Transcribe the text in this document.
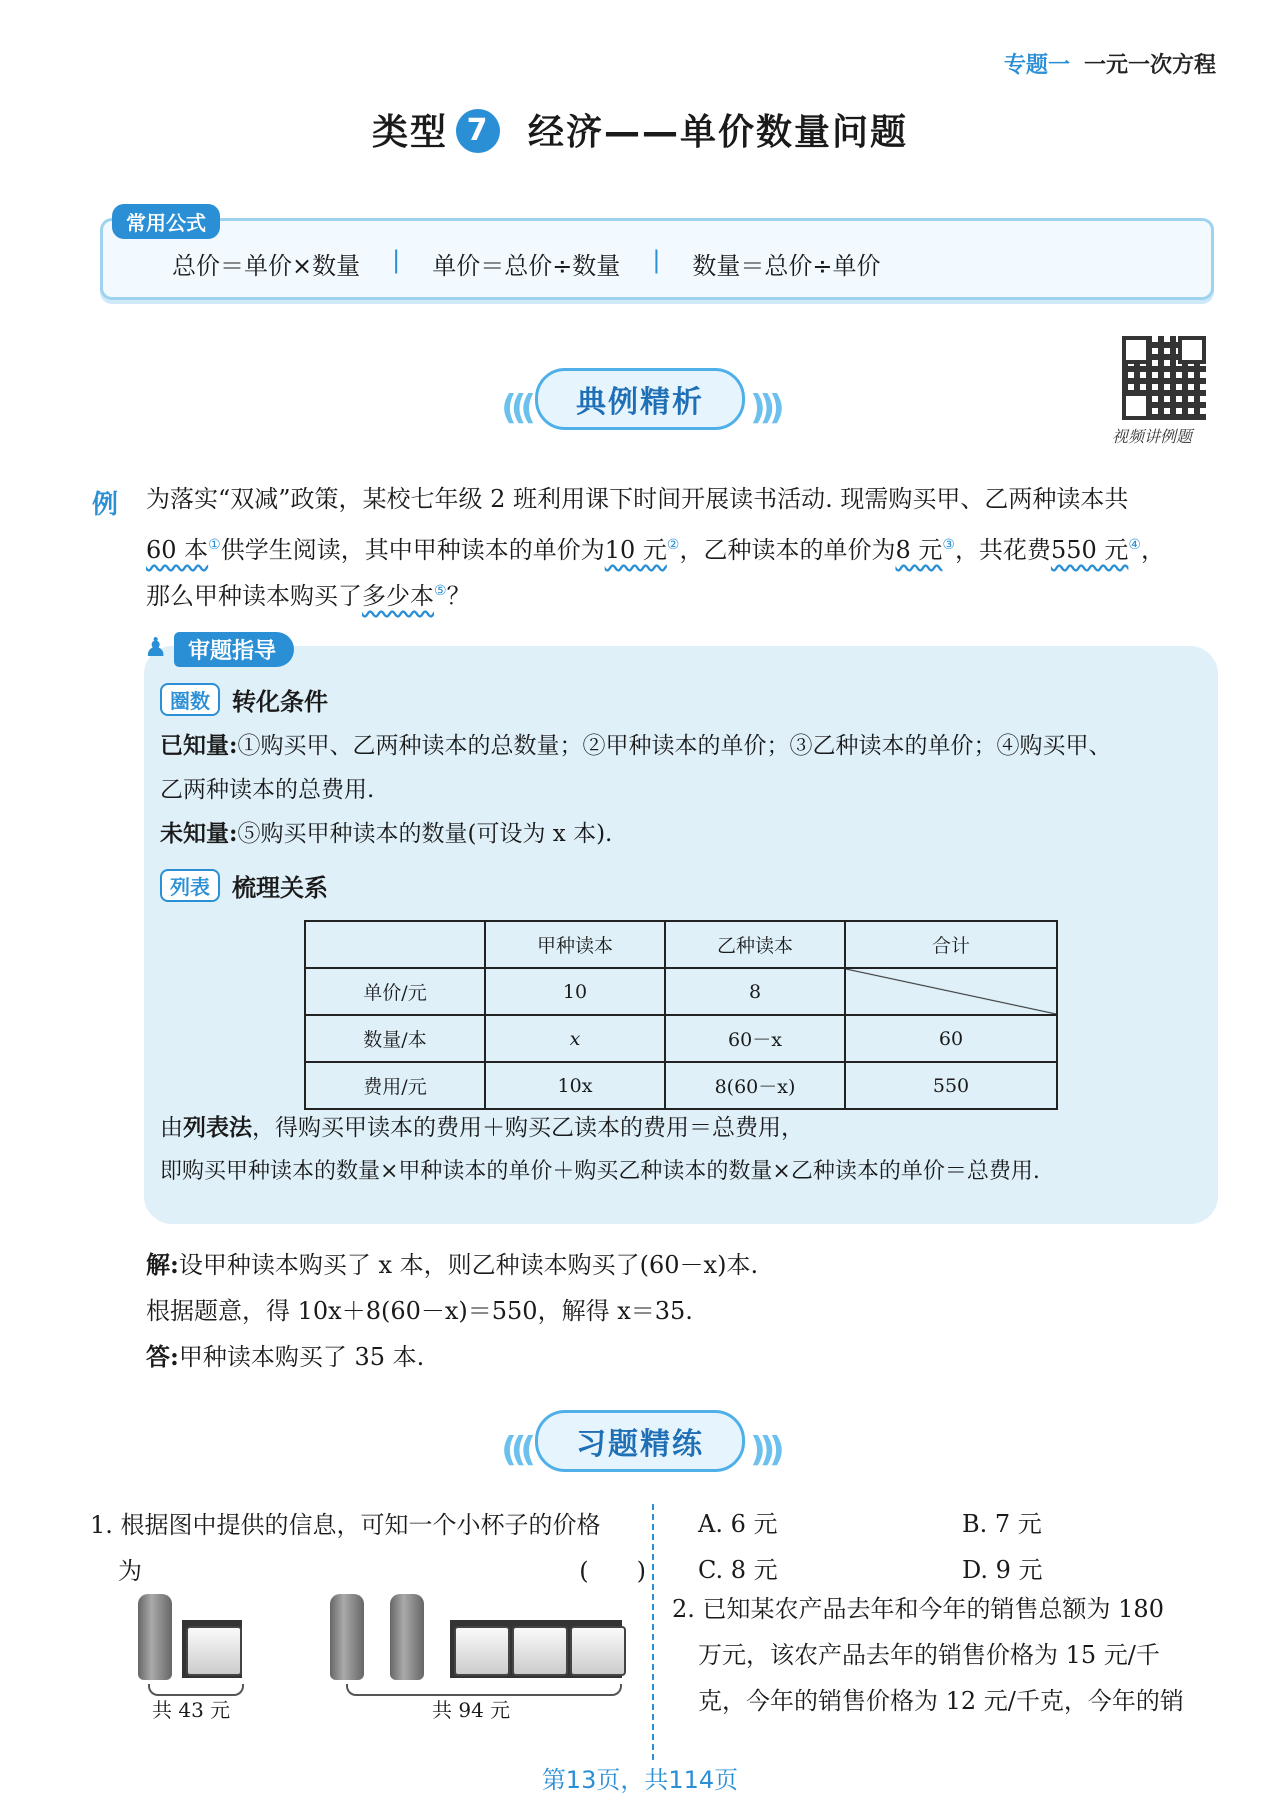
专题一 一元一次方程
类型 7 经济——单价数量问题
常用公式
总价＝单价×数量 | 单价＝总价÷数量 | 数量＝总价÷单价
((( 典例精析 )))
视频讲例题
例 为落实“双减”政策，某校七年级 2 班利用课下时间开展读书活动. 现需购买甲、乙两种读本共
60 本①供学生阅读，其中甲种读本的单价为10 元②，乙种读本的单价为8 元③，共花费550 元④，
那么甲种读本购买了多少本⑤？
♟ 审题指导
圈数 转化条件
已知量:①购买甲、乙两种读本的总数量；②甲种读本的单价；③乙种读本的单价；④购买甲、
乙两种读本的总费用.
未知量:⑤购买甲种读本的数量(可设为 x 本).
列表 梳理关系
	甲种读本	乙种读本	合计
单价/元	10	8	
数量/本	x	60－x	60
费用/元	10x	8(60－x)	550
由列表法，得购买甲读本的费用＋购买乙读本的费用＝总费用，
即购买甲种读本的数量×甲种读本的单价＋购买乙种读本的数量×乙种读本的单价＝总费用.
解:设甲种读本购买了 x 本，则乙种读本购买了(60－x)本.
根据题意，得 10x＋8(60－x)＝550，解得 x＝35.
答:甲种读本购买了 35 本.
((( 习题精练 )))
1. 根据图中提供的信息，可知一个小杯子的价格
为	(　　)
共 43 元	共 94 元
A. 6 元	B. 7 元
C. 8 元	D. 9 元
2. 已知某农产品去年和今年的销售总额为 180
万元，该农产品去年的销售价格为 15 元/千
克，今年的销售价格为 12 元/千克，今年的销
第13页，共114页
